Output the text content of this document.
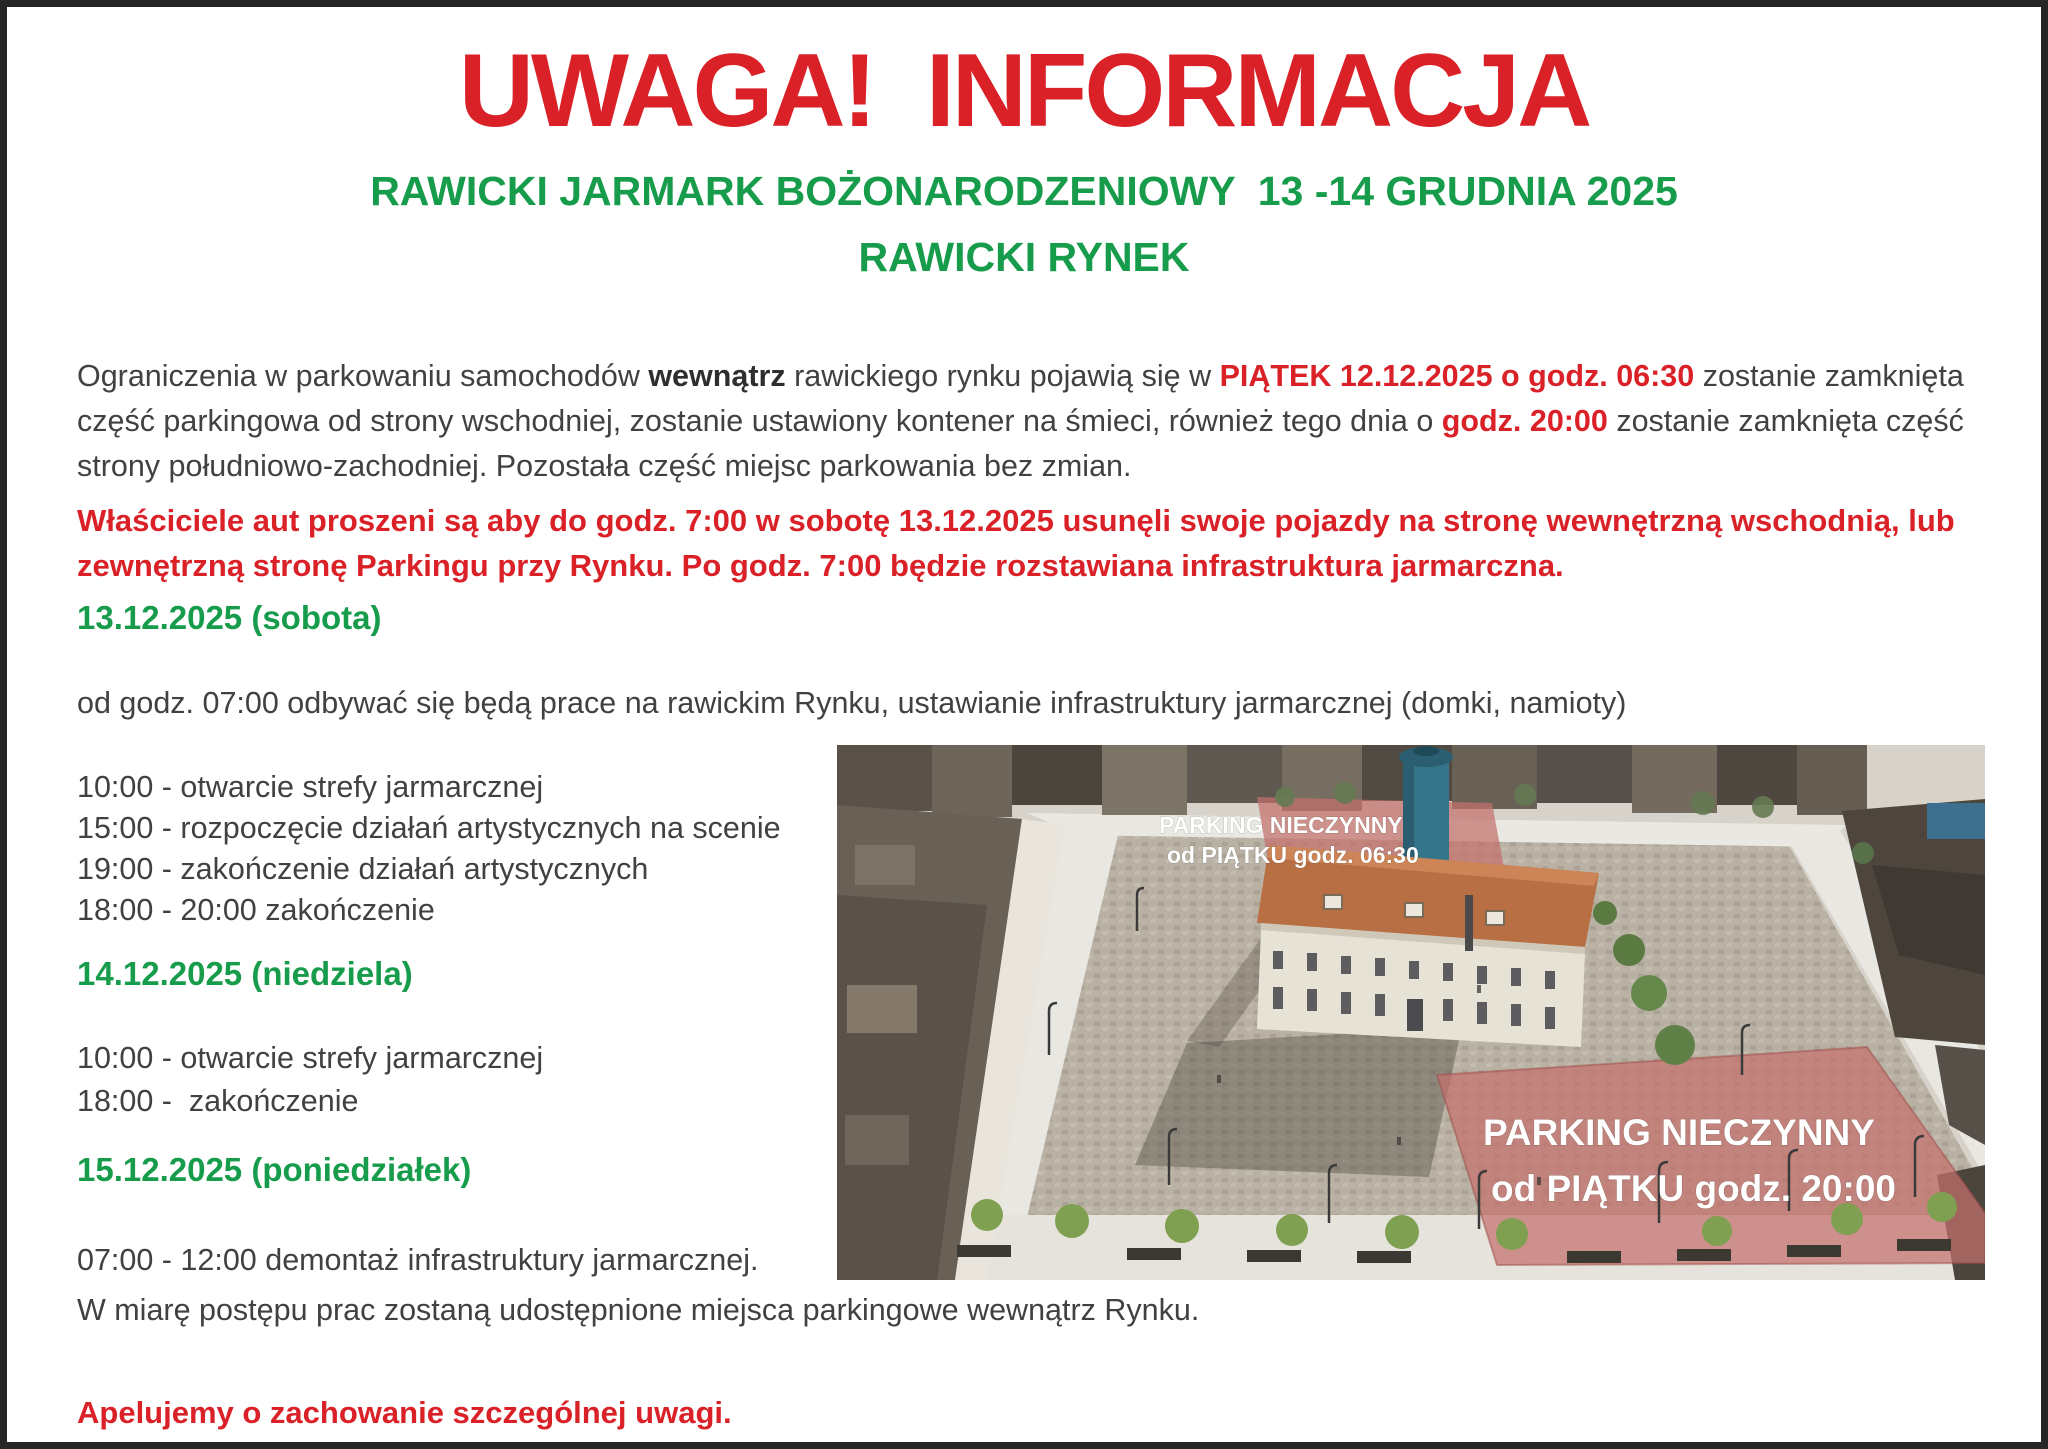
UWAGA!  INFORMACJA
RAWICKI JARMARK BOŻONARODZENIOWY  13 -14 GRUDNIA 2025
RAWICKI RYNEK

Ograniczenia w parkowaniu samochodów wewnątrz rawickiego rynku pojawią się w PIĄTEK 12.12.2025 o godz. 06:30 zostanie zamknięta część parkingowa od strony wschodniej, zostanie ustawiony kontener na śmieci, również tego dnia o godz. 20:00 zostanie zamknięta część strony południowo-zachodniej. Pozostała część miejsc parkowania bez zmian.

Właściciele aut proszeni są aby do godz. 7:00 w sobotę 13.12.2025 usunęli swoje pojazdy na stronę wewnętrzną wschodnią, lub zewnętrzną stronę Parkingu przy Rynku. Po godz. 7:00 będzie rozstawiana infrastruktura jarmarczna.

13.12.2025 (sobota)
od godz. 07:00 odbywać się będą prace na rawickim Rynku, ustawianie infrastruktury jarmarcznej (domki, namioty)
10:00 - otwarcie strefy jarmarcznej
15:00 - rozpoczęcie działań artystycznych na scenie
19:00 - zakończenie działań artystycznych
18:00 - 20:00 zakończenie
14.12.2025 (niedziela)
10:00 - otwarcie strefy jarmarcznej
18:00 -  zakończenie
15.12.2025 (poniedziałek)
07:00 - 12:00 demontaż infrastruktury jarmarcznej.
W miarę postępu prac zostaną udostępnione miejsca parkingowe wewnątrz Rynku.
Apelujemy o zachowanie szczególnej uwagi.
PARKING NIECZYNNY
od PIĄTKU godz. 06:30
PARKING NIECZYNNY
od PIĄTKU godz. 20:00
